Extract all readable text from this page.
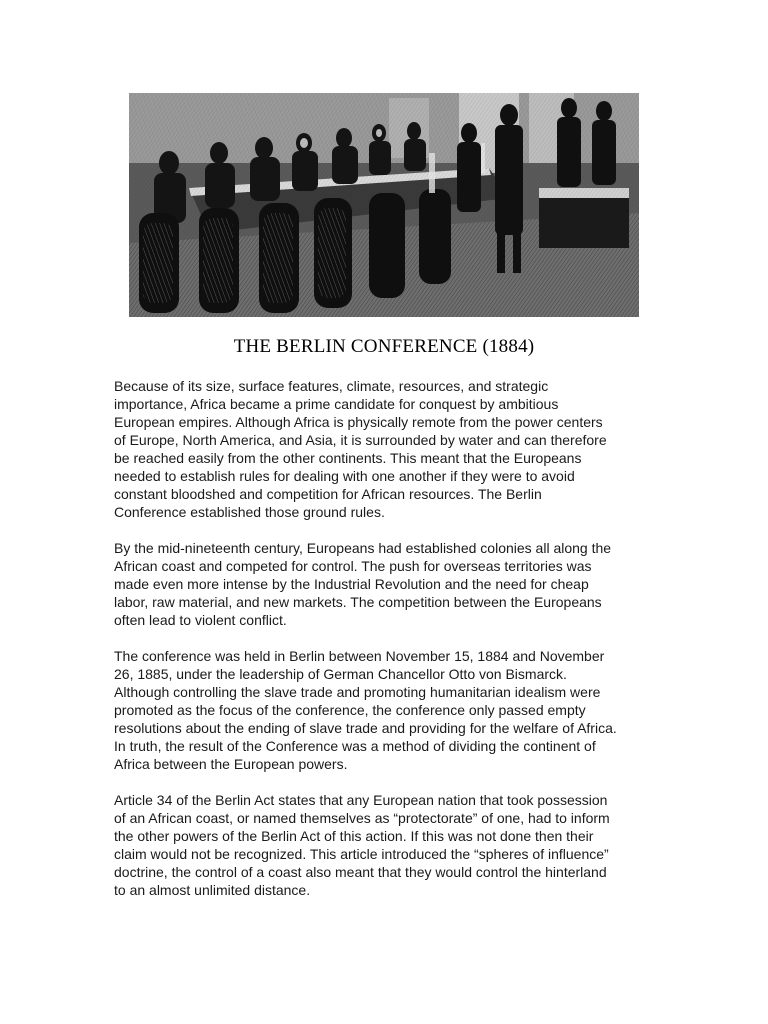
THE BERLIN CONFERENCE (1884)

Because of its size, surface features, climate, resources, and strategic
importance, Africa became a prime candidate for conquest by ambitious
European empires. Although Africa is physically remote from the power centers
of Europe, North America, and Asia, it is surrounded by water and can therefore
be reached easily from the other continents. This meant that the Europeans
needed to establish rules for dealing with one another if they were to avoid
constant bloodshed and competition for African resources. The Berlin
Conference established those ground rules.

By the mid-nineteenth century, Europeans had established colonies all along the
African coast and competed for control. The push for overseas territories was
made even more intense by the Industrial Revolution and the need for cheap
labor, raw material, and new markets. The competition between the Europeans
often lead to violent conflict.

The conference was held in Berlin between November 15, 1884 and November
26, 1885, under the leadership of German Chancellor Otto von Bismarck.
Although controlling the slave trade and promoting humanitarian idealism were
promoted as the focus of the conference, the conference only passed empty
resolutions about the ending of slave trade and providing for the welfare of Africa.
In truth, the result of the Conference was a method of dividing the continent of
Africa between the European powers.

Article 34 of the Berlin Act states that any European nation that took possession
of an African coast, or named themselves as “protectorate” of one, had to inform
the other powers of the Berlin Act of this action. If this was not done then their
claim would not be recognized. This article introduced the “spheres of influence”
doctrine, the control of a coast also meant that they would control the hinterland
to an almost unlimited distance.
